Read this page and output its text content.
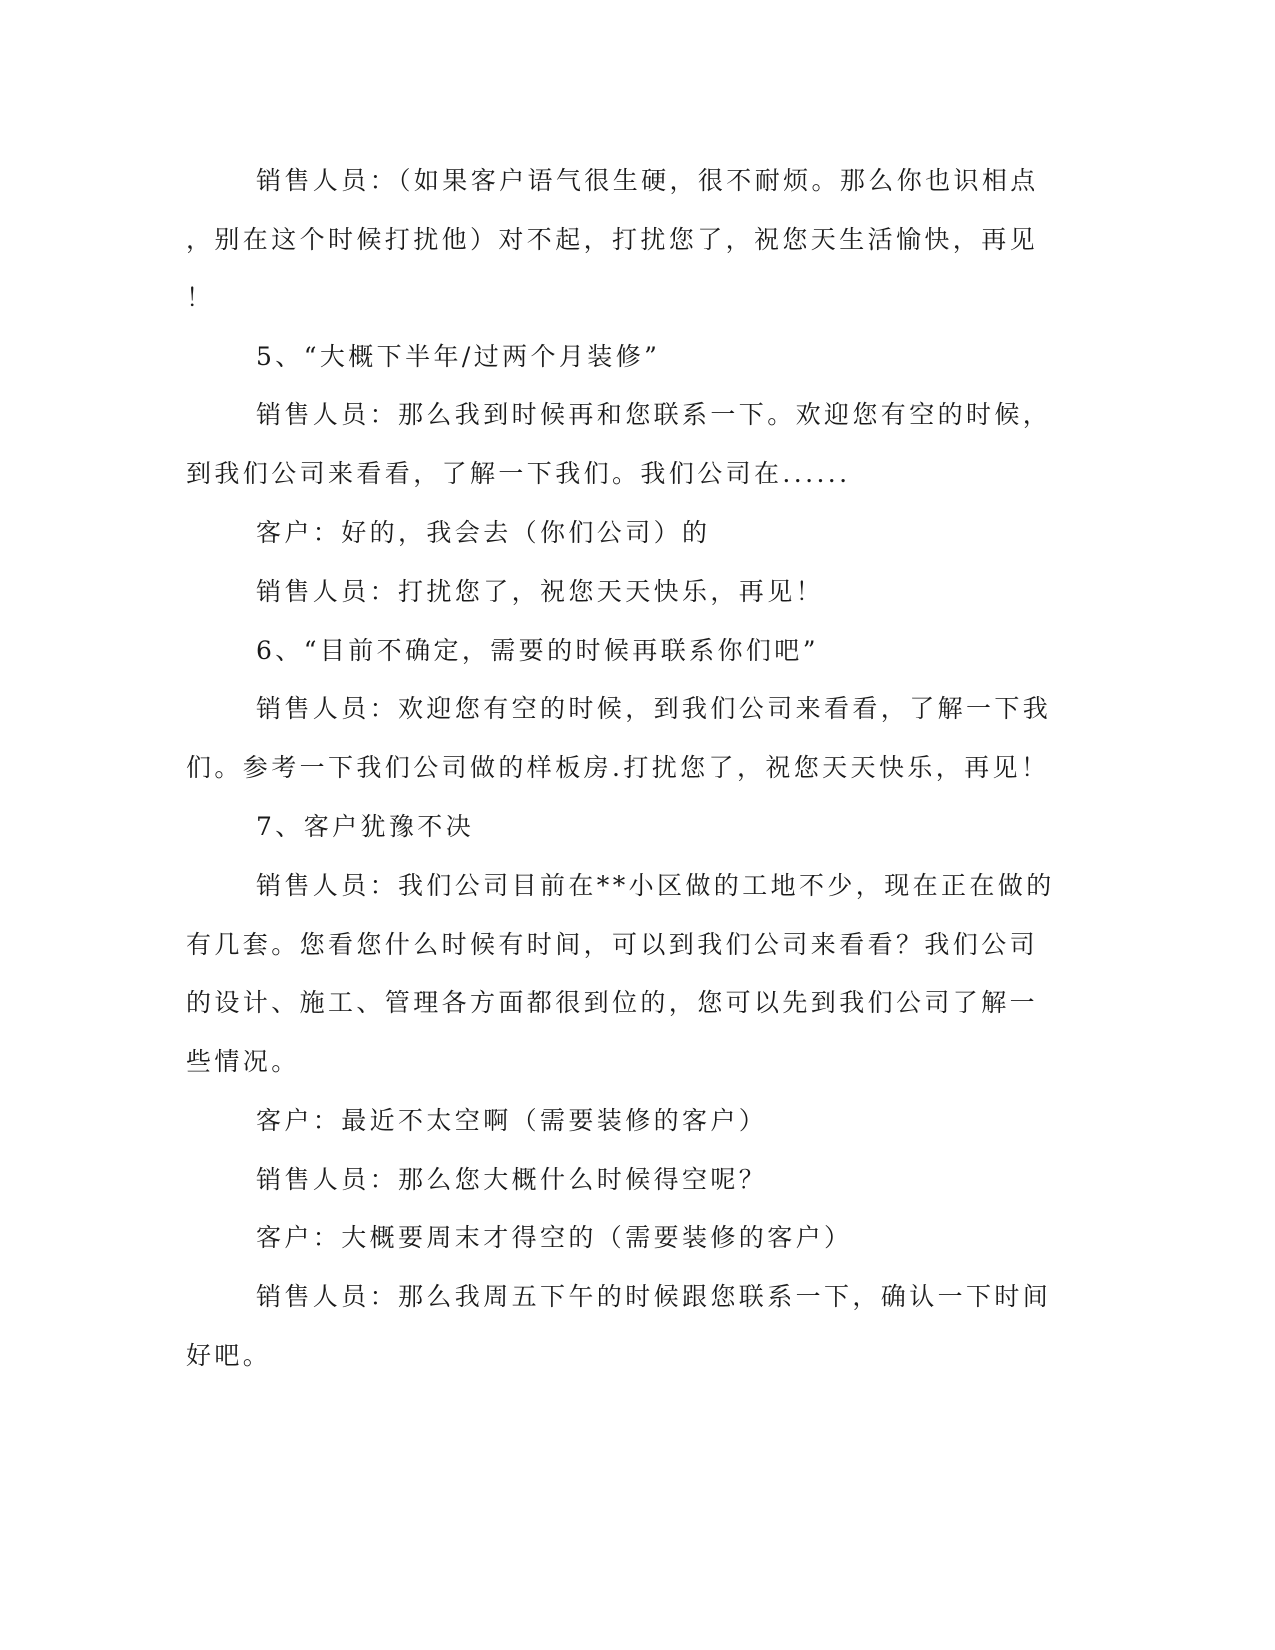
销售人员：（如果客户语气很生硬，很不耐烦。那么你也识相点
，别在这个时候打扰他）对不起，打扰您了，祝您天生活愉快，再见
！
5、“大概下半年/过两个月装修”
销售人员：那么我到时候再和您联系一下。欢迎您有空的时候，
到我们公司来看看，了解一下我们。我们公司在......
客户：好的，我会去（你们公司）的
销售人员：打扰您了，祝您天天快乐，再见！
6、“目前不确定，需要的时候再联系你们吧”
销售人员：欢迎您有空的时候，到我们公司来看看，了解一下我
们。参考一下我们公司做的样板房.打扰您了，祝您天天快乐，再见！
7、客户犹豫不决
销售人员：我们公司目前在**小区做的工地不少，现在正在做的
有几套。您看您什么时候有时间，可以到我们公司来看看？我们公司
的设计、施工、管理各方面都很到位的，您可以先到我们公司了解一
些情况。
客户：最近不太空啊（需要装修的客户）
销售人员：那么您大概什么时候得空呢？
客户：大概要周末才得空的（需要装修的客户）
销售人员：那么我周五下午的时候跟您联系一下，确认一下时间
好吧。
